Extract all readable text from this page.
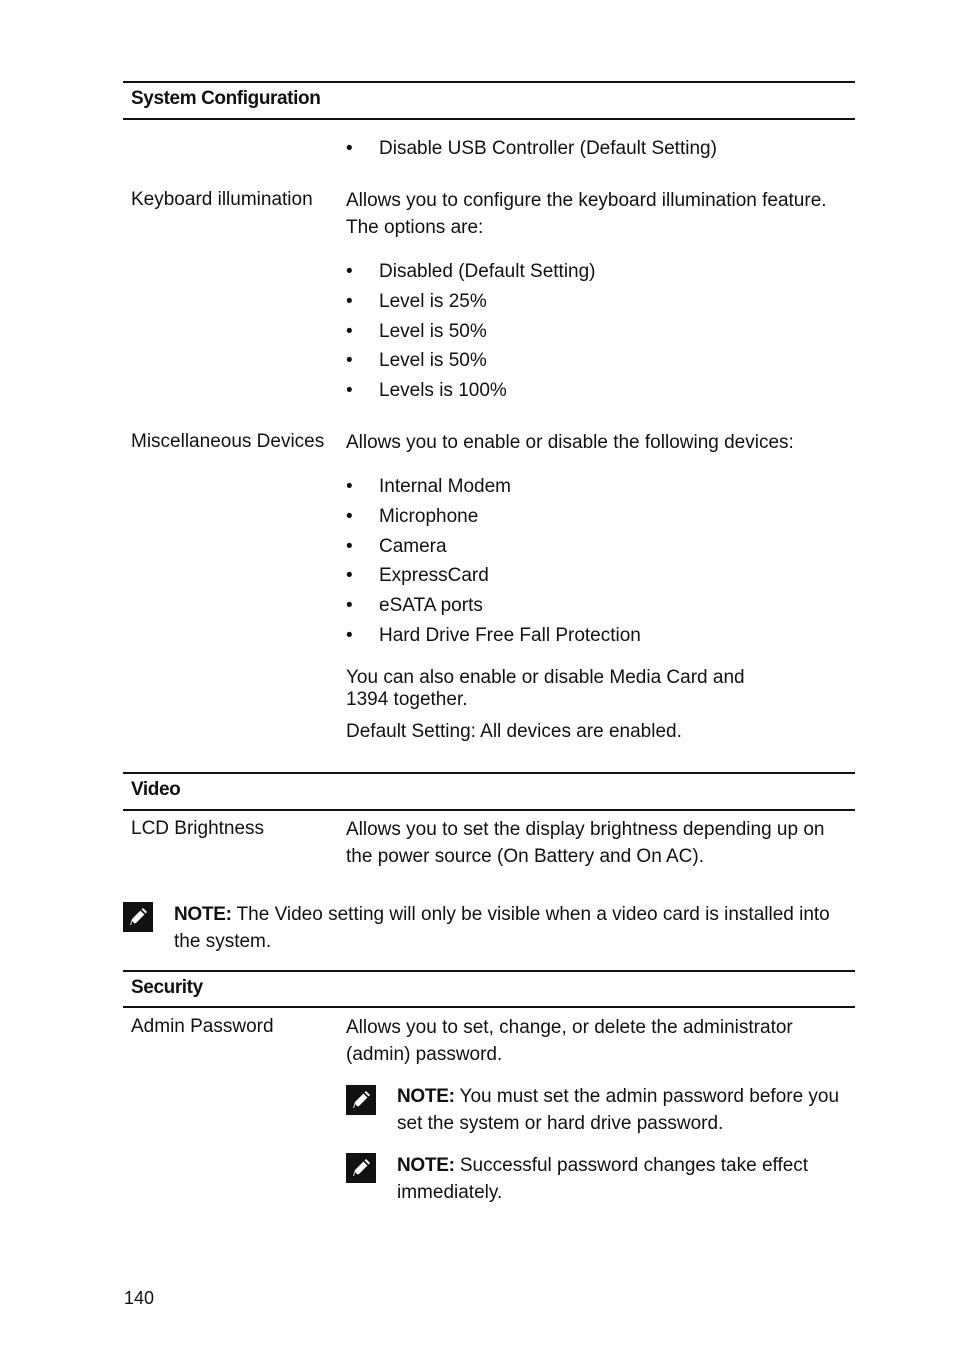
System Configuration
• Disable USB Controller (Default Setting)
Keyboard illumination Allows you to configure the keyboard illumination feature. The options are:
• Disabled (Default Setting)
• Level is 25%
• Level is 50%
• Level is 50%
• Levels is 100%
Miscellaneous Devices Allows you to enable or disable the following devices:
• Internal Modem
• Microphone
• Camera
• ExpressCard
• eSATA ports
• Hard Drive Free Fall Protection
You can also enable or disable Media Card and 1394 together.
Default Setting: All devices are enabled.
Video
LCD Brightness	Allows you to set the display brightness depending up on the power source (On Battery and On AC).
NOTE: The Video setting will only be visible when a video card is installed into the system.
Security
Admin Password	Allows you to set, change, or delete the administrator (admin) password.
NOTE: You must set the admin password before you set the system or hard drive password.
NOTE: Successful password changes take effect immediately.
140
